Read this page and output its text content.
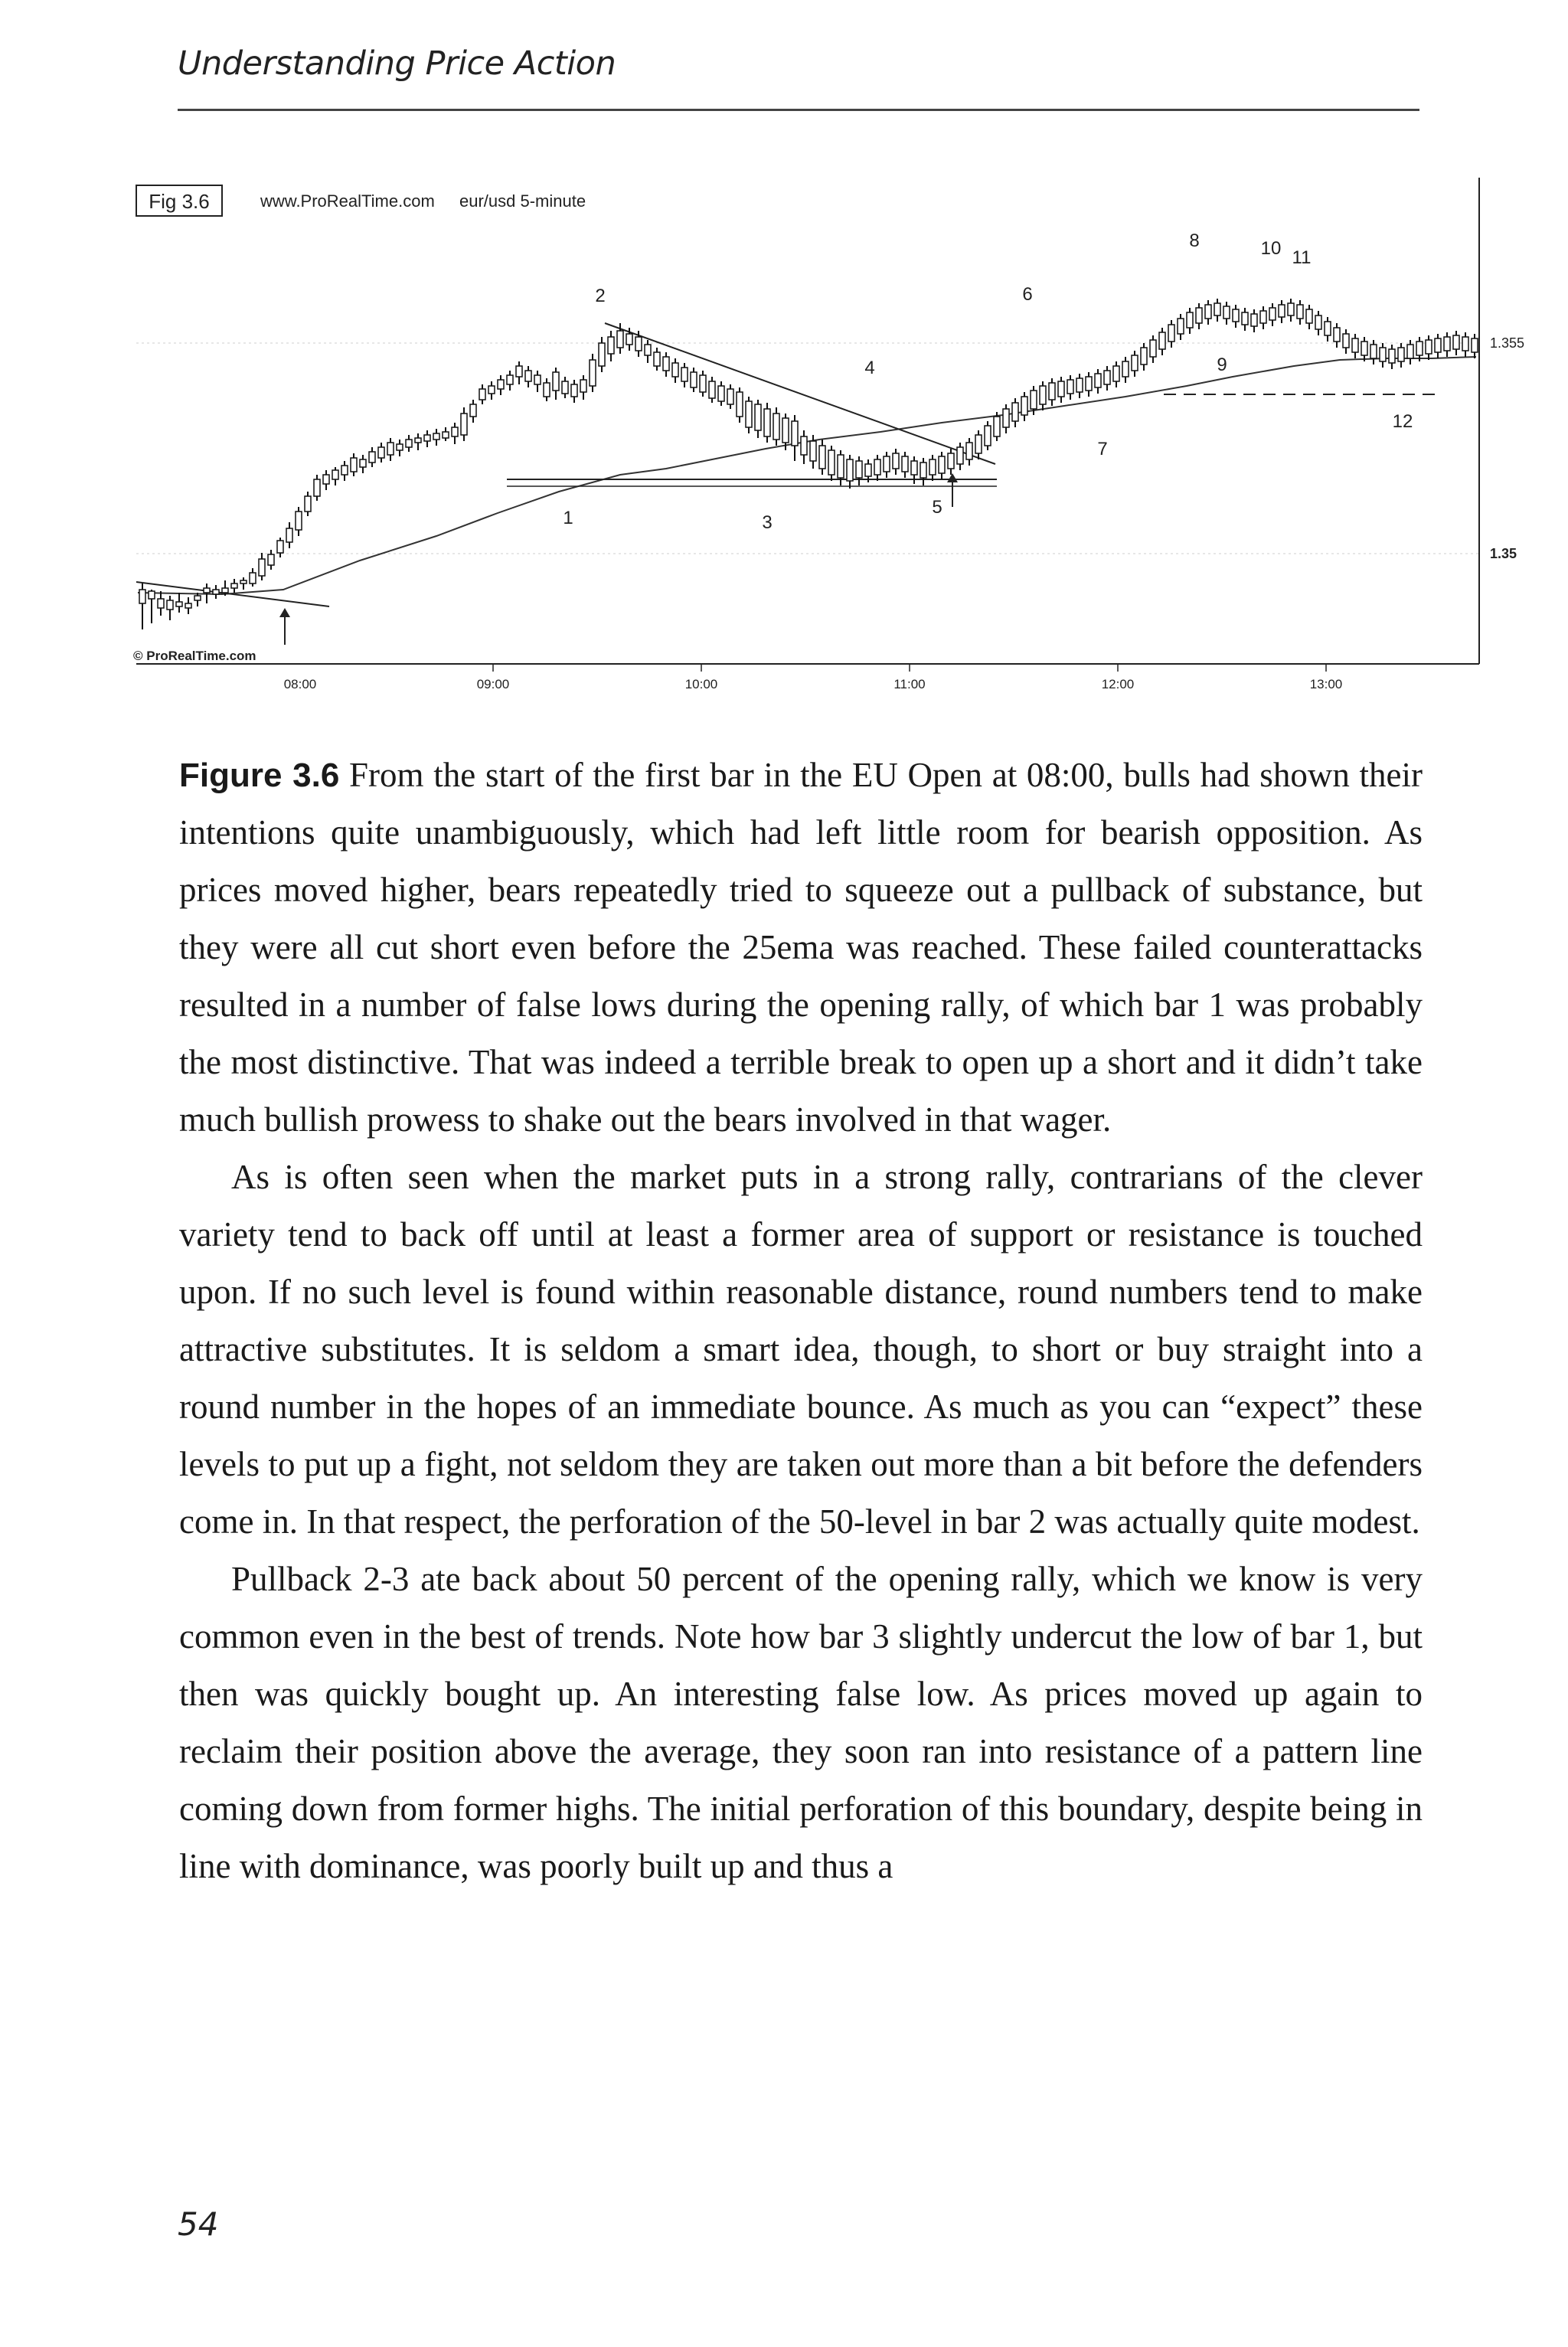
Understanding Price Action
Fig 3.6	www.ProRealTime.com eur/usd 5-minute
1.355
1.35
© ProRealTime.com
08:00	09:00	10:00	11:00	12:00	13:00
1
2
3
4
5
6
7
8
9
10 11
12

Figure 3.6 From the start of the first bar in the EU Open at 08:00, bulls had shown their intentions quite unambiguously, which had left little room for bearish opposition. As prices moved higher, bears repeatedly tried to squeeze out a pullback of substance, but they were all cut short even before the 25ema was reached. These failed counterattacks resulted in a number of false lows during the opening rally, of which bar 1 was probably the most distinctive. That was indeed a terrible break to open up a short and it didn’t take much bullish prowess to shake out the bears involved in that wager.

As is often seen when the market puts in a strong rally, contrarians of the clever variety tend to back off until at least a former area of support or resistance is touched upon. If no such level is found within reasonable distance, round numbers tend to make attractive substitutes. It is seldom a smart idea, though, to short or buy straight into a round number in the hopes of an immediate bounce. As much as you can “expect” these levels to put up a fight, not seldom they are taken out more than a bit before the defenders come in. In that respect, the perforation of the 50-level in bar 2 was actually quite modest.

Pullback 2-3 ate back about 50 percent of the opening rally, which we know is very common even in the best of trends. Note how bar 3 slightly undercut the low of bar 1, but then was quickly bought up. An interesting false low. As prices moved up again to reclaim their position above the average, they soon ran into resistance of a pattern line coming down from former highs. The initial perforation of this boundary, despite being in line with dominance, was poorly built up and thus a

54
